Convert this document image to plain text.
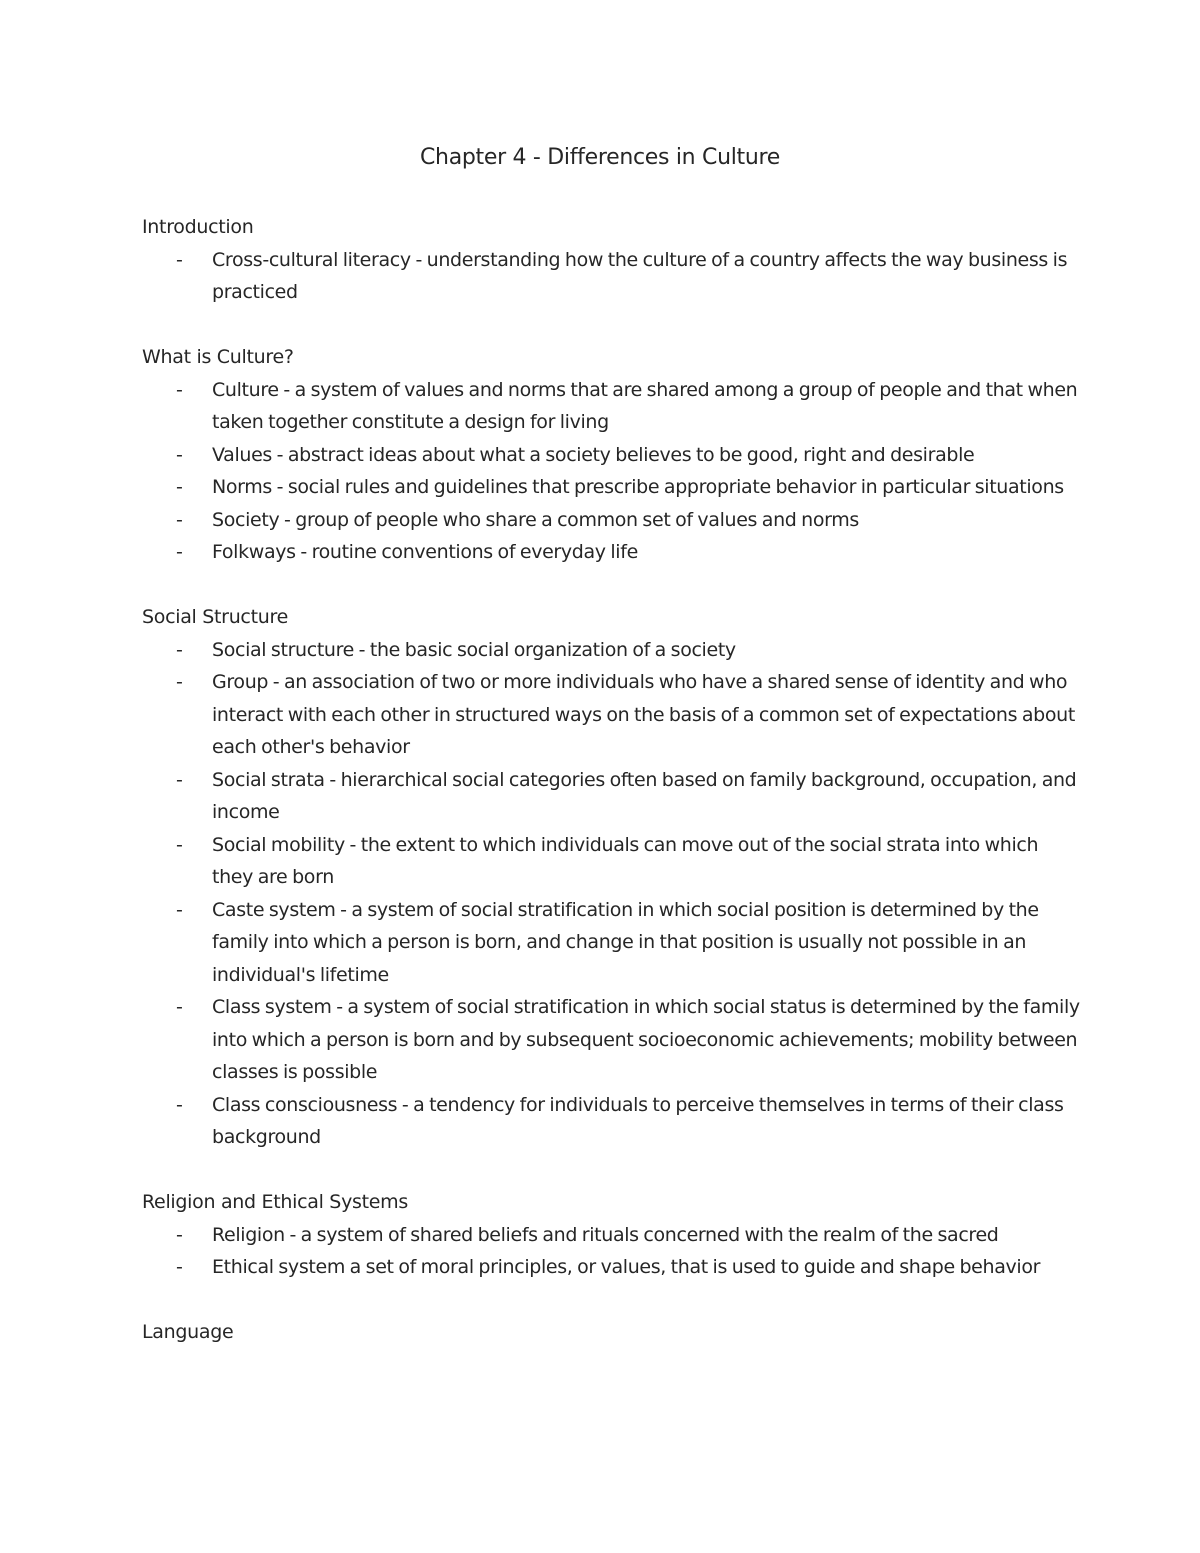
Chapter 4 - Differences in Culture
Introduction
- Cross-cultural literacy - understanding how the culture of a country affects the way business is practiced
What is Culture?
- Culture - a system of values and norms that are shared among a group of people and that when taken together constitute a design for living
- Values - abstract ideas about what a society believes to be good, right and desirable
- Norms - social rules and guidelines that prescribe appropriate behavior in particular situations
- Society - group of people who share a common set of values and norms
- Folkways - routine conventions of everyday life
Social Structure
- Social structure - the basic social organization of a society
- Group - an association of two or more individuals who have a shared sense of identity and who interact with each other in structured ways on the basis of a common set of expectations about each other's behavior
- Social strata - hierarchical social categories often based on family background, occupation, and income
- Social mobility - the extent to which individuals can move out of the social strata into which they are born
- Caste system - a system of social stratification in which social position is determined by the family into which a person is born, and change in that position is usually not possible in an individual's lifetime
- Class system - a system of social stratification in which social status is determined by the family into which a person is born and by subsequent socioeconomic achievements; mobility between classes is possible
- Class consciousness - a tendency for individuals to perceive themselves in terms of their class background
Religion and Ethical Systems
- Religion - a system of shared beliefs and rituals concerned with the realm of the sacred
- Ethical system a set of moral principles, or values, that is used to guide and shape behavior
Language
